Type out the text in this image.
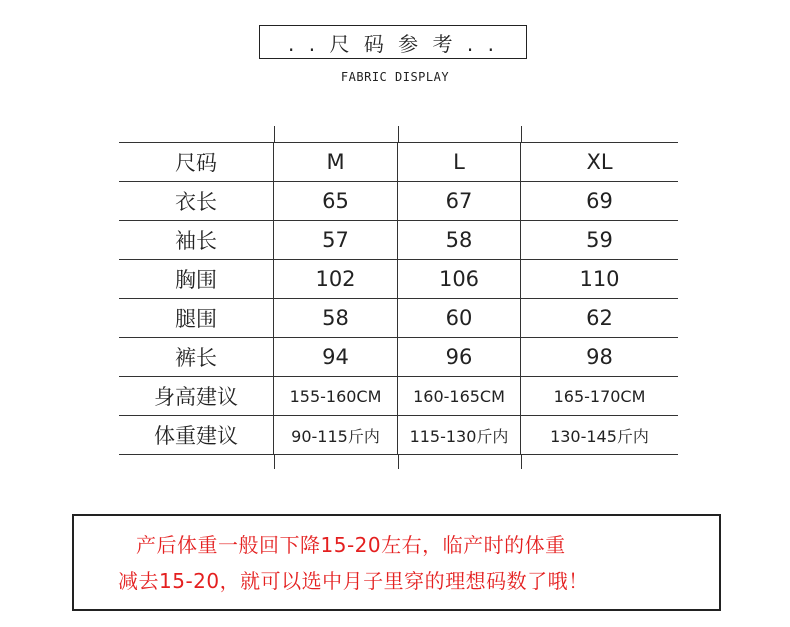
. . 尺 码 参 考 . .
FABRIC DISPLAY
尺码	M	L	XL
衣长	65	67	69
袖长	57	58	59
胸围	102	106	110
腿围	58	60	62
裤长	94	96	98
身高建议	155-160CM	160-165CM	165-170CM
体重建议	90-115斤内	115-130斤内	130-145斤内
产后体重一般回下降15-20左右，临产时的体重
减去15-20，就可以选中月子里穿的理想码数了哦！
